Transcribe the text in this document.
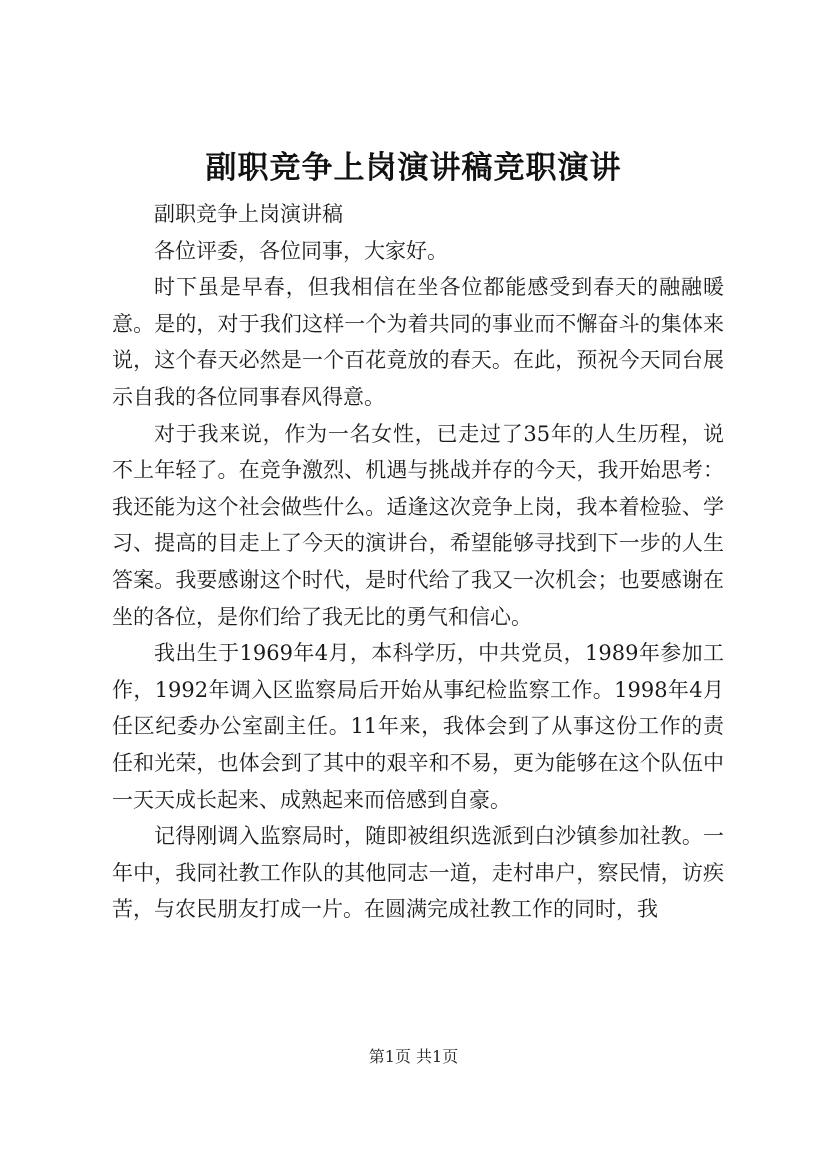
副职竞争上岗演讲稿竞职演讲

副职竞争上岗演讲稿

各位评委，各位同事，大家好。

时下虽是早春，但我相信在坐各位都能感受到春天的融融暖意。是的，对于我们这样一个为着共同的事业而不懈奋斗的集体来说，这个春天必然是一个百花竟放的春天。在此，预祝今天同台展示自我的各位同事春风得意。

对于我来说，作为一名女性，已走过了35年的人生历程，说不上年轻了。在竞争激烈、机遇与挑战并存的今天，我开始思考：我还能为这个社会做些什么。适逢这次竞争上岗，我本着检验、学习、提高的目走上了今天的演讲台，希望能够寻找到下一步的人生答案。我要感谢这个时代，是时代给了我又一次机会；也要感谢在坐的各位，是你们给了我无比的勇气和信心。

我出生于1969年4月，本科学历，中共党员，1989年参加工作，1992年调入区监察局后开始从事纪检监察工作。1998年4月任区纪委办公室副主任。11年来，我体会到了从事这份工作的责任和光荣，也体会到了其中的艰辛和不易，更为能够在这个队伍中一天天成长起来、成熟起来而倍感到自豪。

记得刚调入监察局时，随即被组织选派到白沙镇参加社教。一年中，我同社教工作队的其他同志一道，走村串户，察民情，访疾苦，与农民朋友打成一片。在圆满完成社教工作的同时，我

第1页 共1页
